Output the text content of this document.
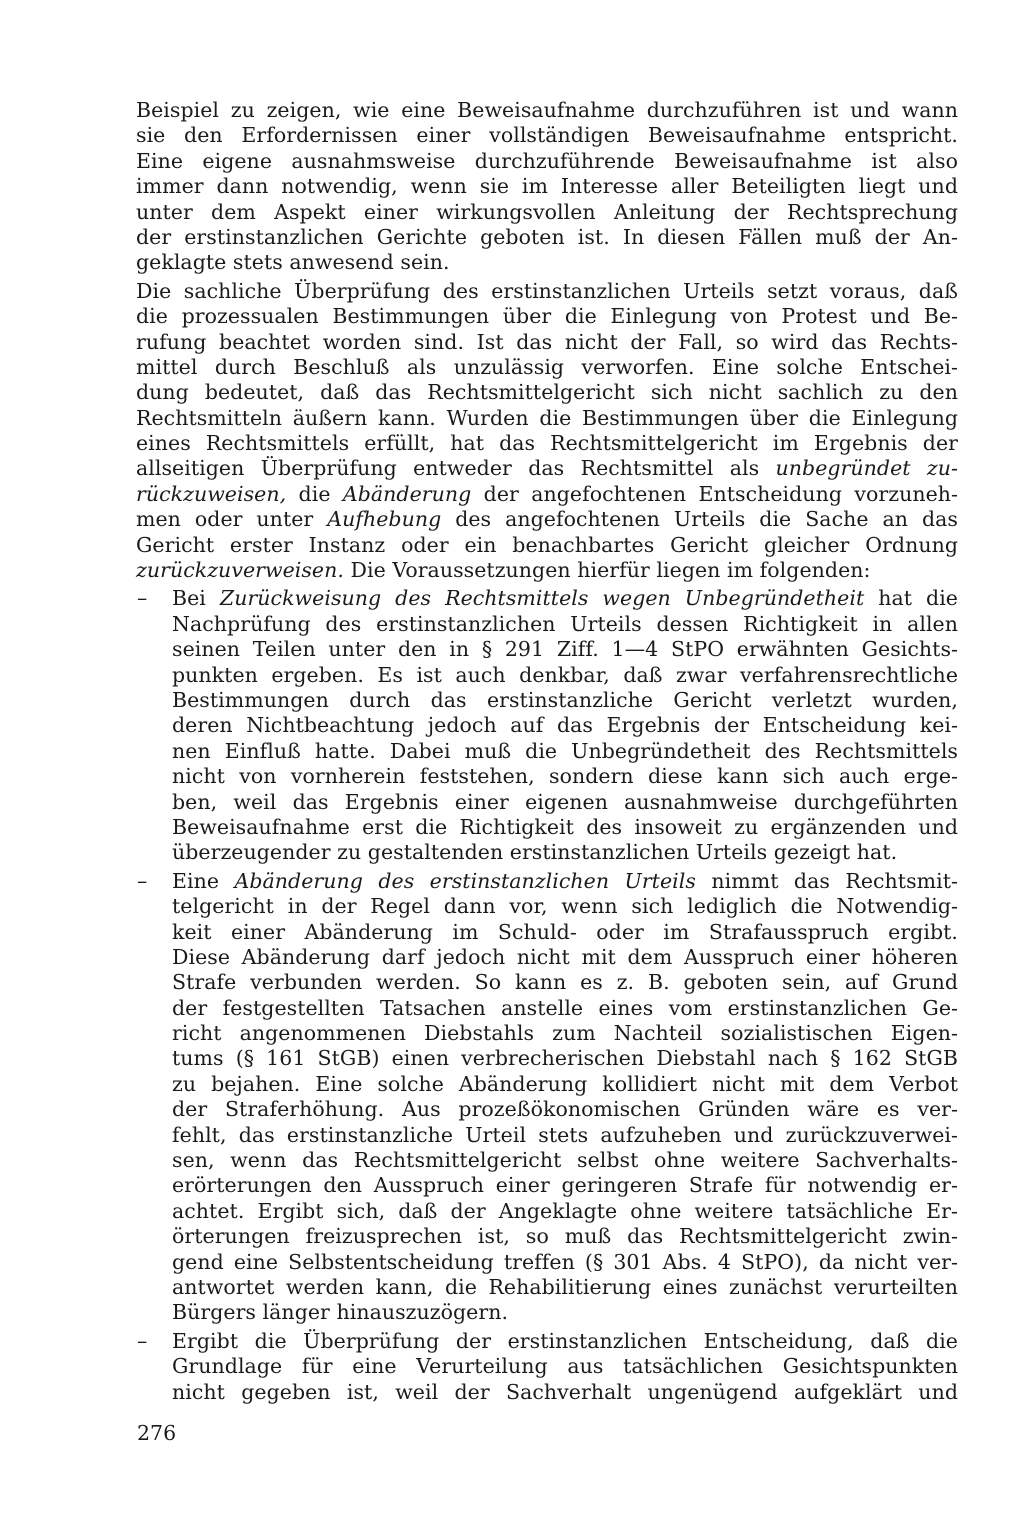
Beispiel zu zeigen, wie eine Beweisaufnahme durchzuführen ist und wann
sie den Erfordernissen einer vollständigen Beweisaufnahme entspricht.
Eine eigene ausnahmsweise durchzuführende Beweisaufnahme ist also
immer dann notwendig, wenn sie im Interesse aller Beteiligten liegt und
unter dem Aspekt einer wirkungsvollen Anleitung der Rechtsprechung
der erstinstanzlichen Gerichte geboten ist. In diesen Fällen muß der An-
geklagte stets anwesend sein.
Die sachliche Überprüfung des erstinstanzlichen Urteils setzt voraus, daß
die prozessualen Bestimmungen über die Einlegung von Protest und Be-
rufung beachtet worden sind. Ist das nicht der Fall, so wird das Rechts-
mittel durch Beschluß als unzulässig verworfen. Eine solche Entschei-
dung bedeutet, daß das Rechtsmittelgericht sich nicht sachlich zu den
Rechtsmitteln äußern kann. Wurden die Bestimmungen über die Einlegung
eines Rechtsmittels erfüllt, hat das Rechtsmittelgericht im Ergebnis der
allseitigen Überprüfung entweder das Rechtsmittel als unbegründet zu-
rückzuweisen, die Abänderung der angefochtenen Entscheidung vorzuneh-
men oder unter Aufhebung des angefochtenen Urteils die Sache an das
Gericht erster Instanz oder ein benachbartes Gericht gleicher Ordnung
zurückzuverweisen. Die Voraussetzungen hierfür liegen im folgenden:
– Bei Zurückweisung des Rechtsmittels wegen Unbegründetheit hat die
Nachprüfung des erstinstanzlichen Urteils dessen Richtigkeit in allen
seinen Teilen unter den in § 291 Ziff. 1—4 StPO erwähnten Gesichts-
punkten ergeben. Es ist auch denkbar, daß zwar verfahrensrechtliche
Bestimmungen durch das erstinstanzliche Gericht verletzt wurden,
deren Nichtbeachtung jedoch auf das Ergebnis der Entscheidung kei-
nen Einfluß hatte. Dabei muß die Unbegründetheit des Rechtsmittels
nicht von vornherein feststehen, sondern diese kann sich auch erge-
ben, weil das Ergebnis einer eigenen ausnahmweise durchgeführten
Beweisaufnahme erst die Richtigkeit des insoweit zu ergänzenden und
überzeugender zu gestaltenden erstinstanzlichen Urteils gezeigt hat.
– Eine Abänderung des erstinstanzlichen Urteils nimmt das Rechtsmit-
telgericht in der Regel dann vor, wenn sich lediglich die Notwendig-
keit einer Abänderung im Schuld- oder im Strafausspruch ergibt.
Diese Abänderung darf jedoch nicht mit dem Ausspruch einer höheren
Strafe verbunden werden. So kann es z. B. geboten sein, auf Grund
der festgestellten Tatsachen anstelle eines vom erstinstanzlichen Ge-
richt angenommenen Diebstahls zum Nachteil sozialistischen Eigen-
tums (§ 161 StGB) einen verbrecherischen Diebstahl nach § 162 StGB
zu bejahen. Eine solche Abänderung kollidiert nicht mit dem Verbot
der Straferhöhung. Aus prozeßökonomischen Gründen wäre es ver-
fehlt, das erstinstanzliche Urteil stets aufzuheben und zurückzuverwei-
sen, wenn das Rechtsmittelgericht selbst ohne weitere Sachverhalts-
erörterungen den Ausspruch einer geringeren Strafe für notwendig er-
achtet. Ergibt sich, daß der Angeklagte ohne weitere tatsächliche Er-
örterungen freizusprechen ist, so muß das Rechtsmittelgericht zwin-
gend eine Selbstentscheidung treffen (§ 301 Abs. 4 StPO), da nicht ver-
antwortet werden kann, die Rehabilitierung eines zunächst verurteilten
Bürgers länger hinauszuzögern.
– Ergibt die Überprüfung der erstinstanzlichen Entscheidung, daß die
Grundlage für eine Verurteilung aus tatsächlichen Gesichtspunkten
nicht gegeben ist, weil der Sachverhalt ungenügend aufgeklärt und
276
